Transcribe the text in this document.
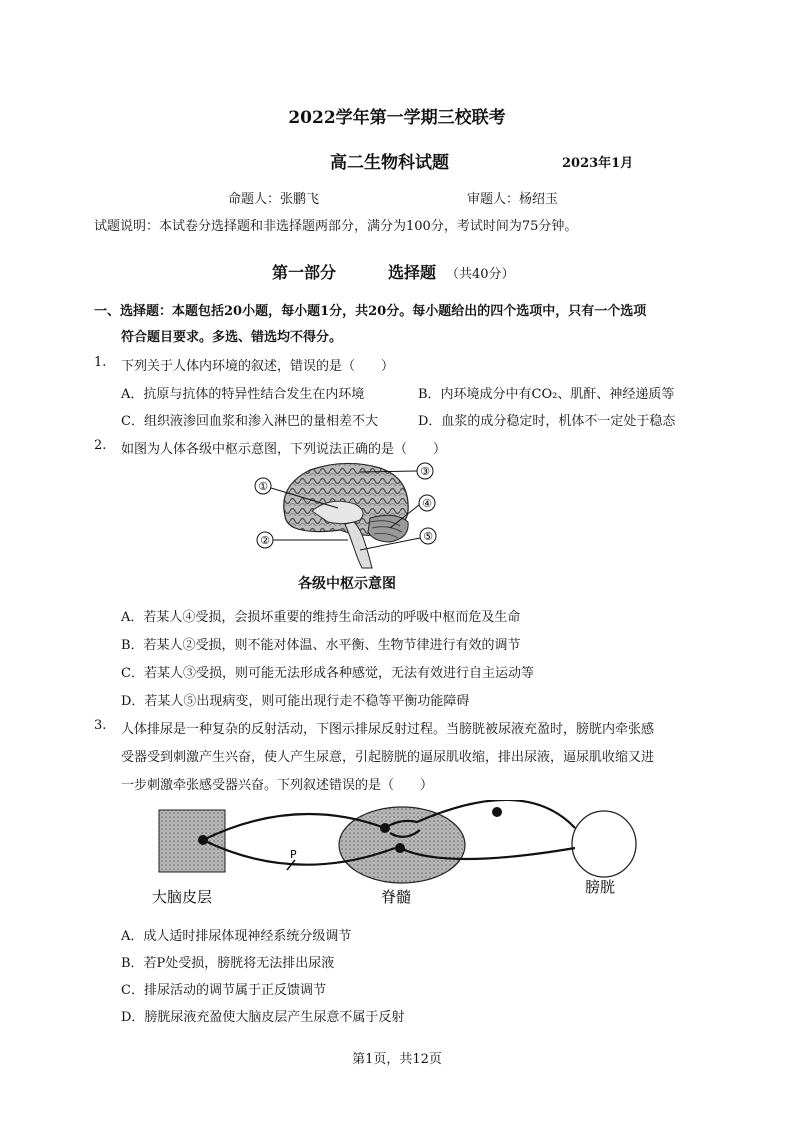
2022学年第一学期三校联考
高二生物科试题	2023年1月
命题人：张鹏飞	审题人：杨绍玉
试题说明：本试卷分选择题和非选择题两部分，满分为100分，考试时间为75分钟。
第一部分	选择题 （共40分）
一、选择题：本题包括20小题，每小题1分，共20分。每小题给出的四个选项中，只有一个选项
符合题目要求。多选、错选均不得分。
1. 下列关于人体内环境的叙述，错误的是（　　）
A．抗原与抗体的特异性结合发生在内环境	B．内环境成分中有CO₂、肌酐、神经递质等
C．组织液渗回血浆和渗入淋巴的量相差不大	D．血浆的成分稳定时，机体不一定处于稳态
2. 如图为人体各级中枢示意图，下列说法正确的是（　　）
①
②
③
④
⑤
各级中枢示意图
A．若某人④受损，会损坏重要的维持生命活动的呼吸中枢而危及生命
B．若某人②受损，则不能对体温、水平衡、生物节律进行有效的调节
C．若某人③受损，则可能无法形成各种感觉，无法有效进行自主运动等
D．若某人⑤出现病变，则可能出现行走不稳等平衡功能障碍
3. 人体排尿是一种复杂的反射活动，下图示排尿反射过程。当膀胱被尿液充盈时，膀胱内牵张感
受器受到刺激产生兴奋，使人产生尿意，引起膀胱的逼尿肌收缩，排出尿液，逼尿肌收缩又进
一步刺激牵张感受器兴奋。下列叙述错误的是（　　）
P
大脑皮层	脊髓
膀胱
A．成人适时排尿体现神经系统分级调节
B．若P处受损，膀胱将无法排出尿液
C．排尿活动的调节属于正反馈调节
D．膀胱尿液充盈使大脑皮层产生尿意不属于反射
第1页，共12页
